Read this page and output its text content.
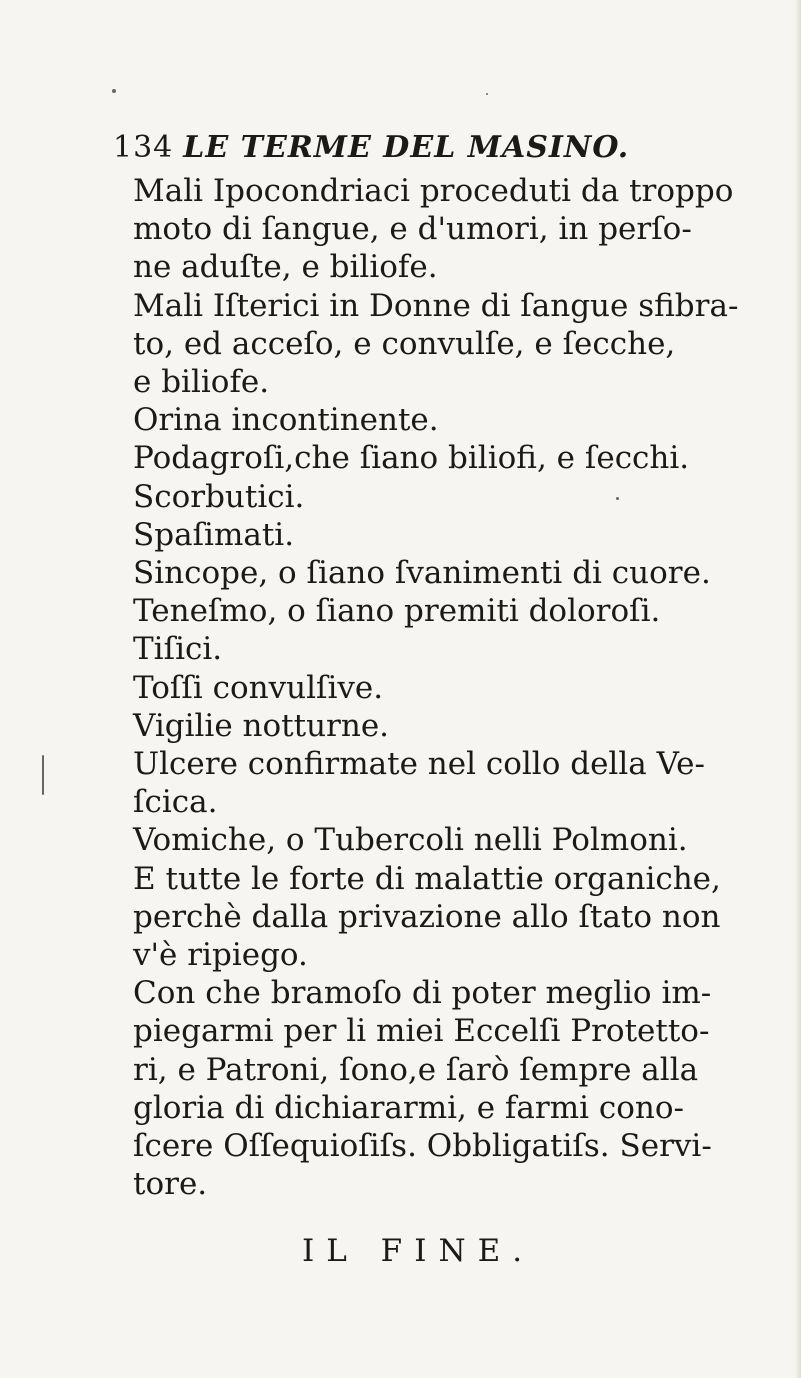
134 LE TERME DEL MASINO.

Mali Ipocondriaci proceduti da troppo
moto di ſangue, e d'umori, in perſo-
ne aduſte, e biliofe.

Mali Iſterici in Donne di ſangue sfibra-
to, ed acceſo, e convulſe, e ſecche,
e biliofe.

Orina incontinente.

Podagroſi,che ſiano biliofi, e ſecchi.

Scorbutici.

Spaſimati.

Sincope, o ſiano ſvanimenti di cuore.

Teneſmo, o ſiano premiti doloroſi.

Tiſici.

Toſſi convulſive.

Vigilie notturne.

Ulcere confirmate nel collo della Ve-
ſcica.

Vomiche, o Tubercoli nelli Polmoni.

E tutte le forte di malattie organiche,
perchè dalla privazione allo ſtato non
v'è ripiego.

Con che bramoſo di poter meglio im-
piegarmi per li miei Eccelſi Protetto-
ri, e Patroni, ſono,e ſarò ſempre alla
gloria di dichiararmi, e farmi cono-
ſcere Oſſequioſiſs. Obbligatiſs. Servi-
tore.

IL FINE.
